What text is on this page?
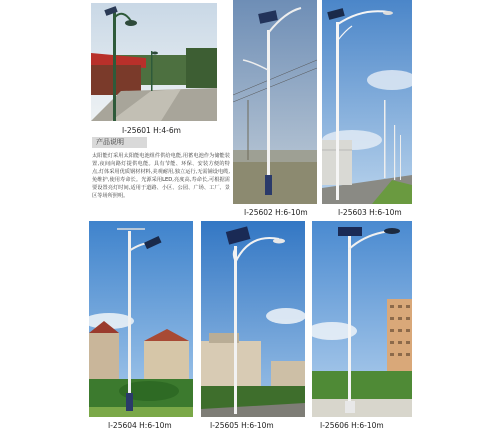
I-25601 H:4-6m
产品说明
太阳能灯采用太阳能电池组件供给电能,用蓄电池作为储能装置,夜间向路灯提供电能。具有节能、环保、安装方便的特点,灯体采用优质钢材材料,美观耐用,独立运行,无需铺设电缆,免维护,使用寿命长。光源采用LED,亮度高,寿命长,可根据需要设置亮灯时间,适用于道路、小区、公园、广场、工厂、景区等场所照明。
I-25602 H:6-10m	I-25603 H:6-10m
I-25604 H:6-10m	I-25605 H:6-10m	I-25606 H:6-10m
